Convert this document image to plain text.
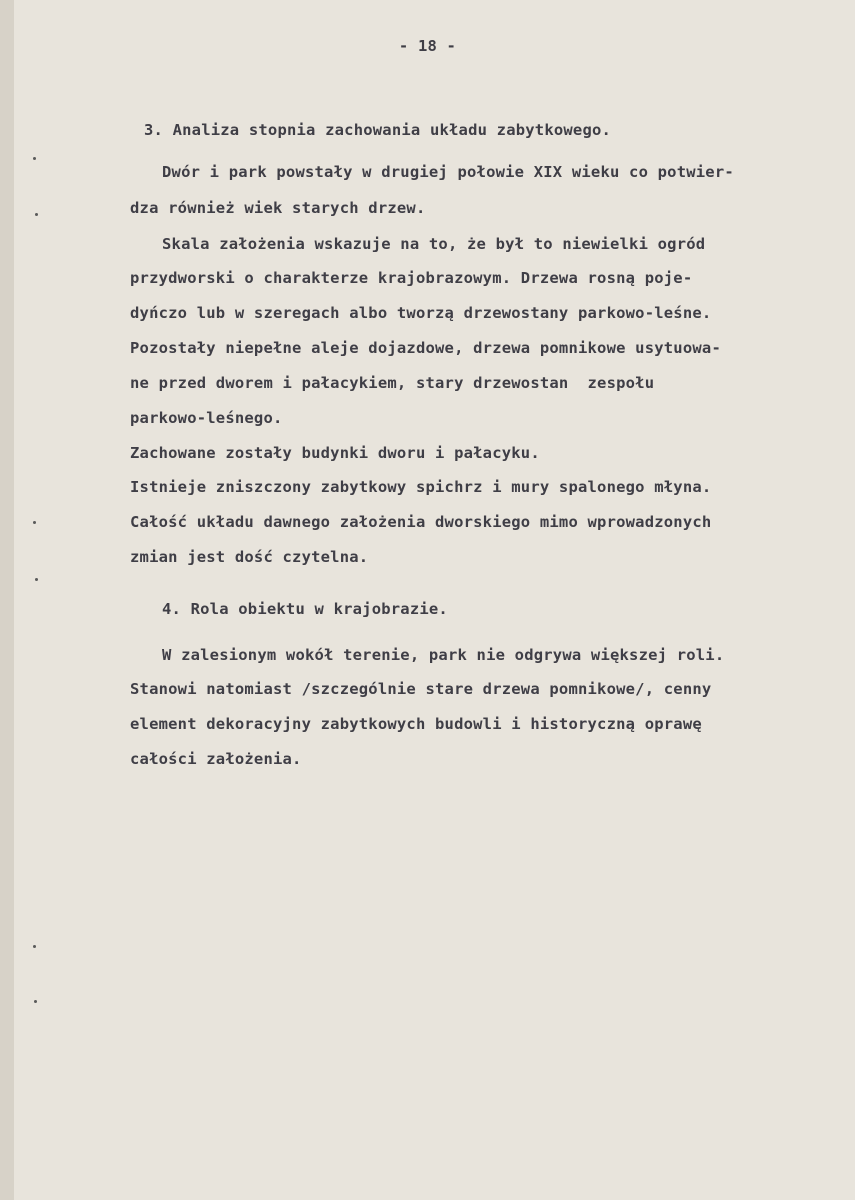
- 18 -
3. Analiza stopnia zachowania układu zabytkowego.
Dwór i park powstały w drugiej połowie XIX wieku co potwier-
dza również wiek starych drzew.
Skala założenia wskazuje na to, że był to niewielki ogród
przydworski o charakterze krajobrazowym. Drzewa rosną poje-
dyńczo lub w szeregach albo tworzą drzewostany parkowo-leśne.
Pozostały niepełne aleje dojazdowe, drzewa pomnikowe usytuowa-
ne przed dworem i pałacykiem, stary drzewostan  zespołu
parkowo-leśnego.
Zachowane zostały budynki dworu i pałacyku.
Istnieje zniszczony zabytkowy spichrz i mury spalonego młyna.
Całość układu dawnego założenia dworskiego mimo wprowadzonych
zmian jest dość czytelna.
4. Rola obiektu w krajobrazie.
W zalesionym wokół terenie, park nie odgrywa większej roli.
Stanowi natomiast /szczególnie stare drzewa pomnikowe/, cenny
element dekoracyjny zabytkowych budowli i historyczną oprawę
całości założenia.
